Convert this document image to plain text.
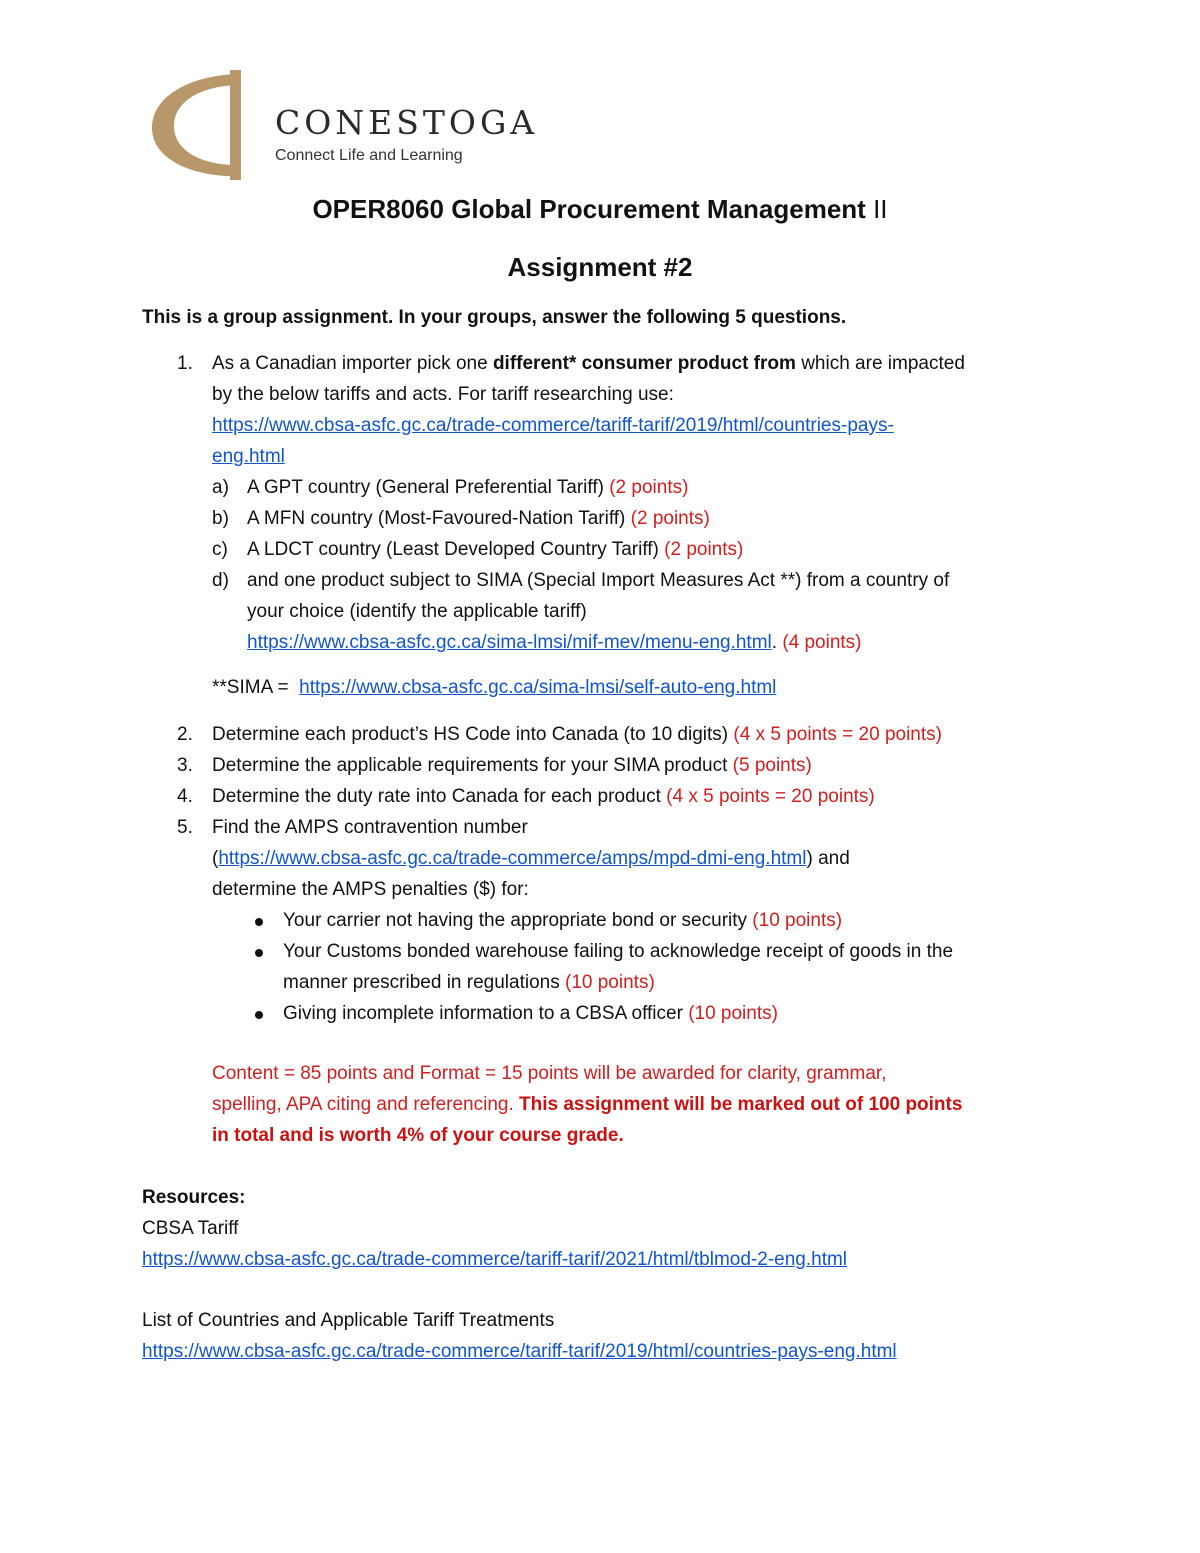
CONESTOGA
Connect Life and Learning
OPER8060 Global Procurement Management II
Assignment #2
This is a group assignment. In your groups, answer the following 5 questions.
1. As a Canadian importer pick one different* consumer product from which are impacted
by the below tariffs and acts. For tariff researching use:
https://www.cbsa-asfc.gc.ca/trade-commerce/tariff-tarif/2019/html/countries-pays-
eng.html
a) A GPT country (General Preferential Tariff) (2 points)
b) A MFN country (Most-Favoured-Nation Tariff) (2 points)
c) A LDCT country (Least Developed Country Tariff) (2 points)
d) and one product subject to SIMA (Special Import Measures Act **) from a country of
your choice (identify the applicable tariff)
https://www.cbsa-asfc.gc.ca/sima-lmsi/mif-mev/menu-eng.html. (4 points)
**SIMA = https://www.cbsa-asfc.gc.ca/sima-lmsi/self-auto-eng.html
2. Determine each product’s HS Code into Canada (to 10 digits) (4 x 5 points = 20 points)
3. Determine the applicable requirements for your SIMA product (5 points)
4. Determine the duty rate into Canada for each product (4 x 5 points = 20 points)
5. Find the AMPS contravention number
(https://www.cbsa-asfc.gc.ca/trade-commerce/amps/mpd-dmi-eng.html) and
determine the AMPS penalties ($) for:
Your carrier not having the appropriate bond or security (10 points)
Your Customs bonded warehouse failing to acknowledge receipt of goods in the
manner prescribed in regulations (10 points)
Giving incomplete information to a CBSA officer (10 points)
Content = 85 points and Format = 15 points will be awarded for clarity, grammar,
spelling, APA citing and referencing. This assignment will be marked out of 100 points
in total and is worth 4% of your course grade.
Resources:
CBSA Tariff
https://www.cbsa-asfc.gc.ca/trade-commerce/tariff-tarif/2021/html/tblmod-2-eng.html
List of Countries and Applicable Tariff Treatments
https://www.cbsa-asfc.gc.ca/trade-commerce/tariff-tarif/2019/html/countries-pays-eng.html
